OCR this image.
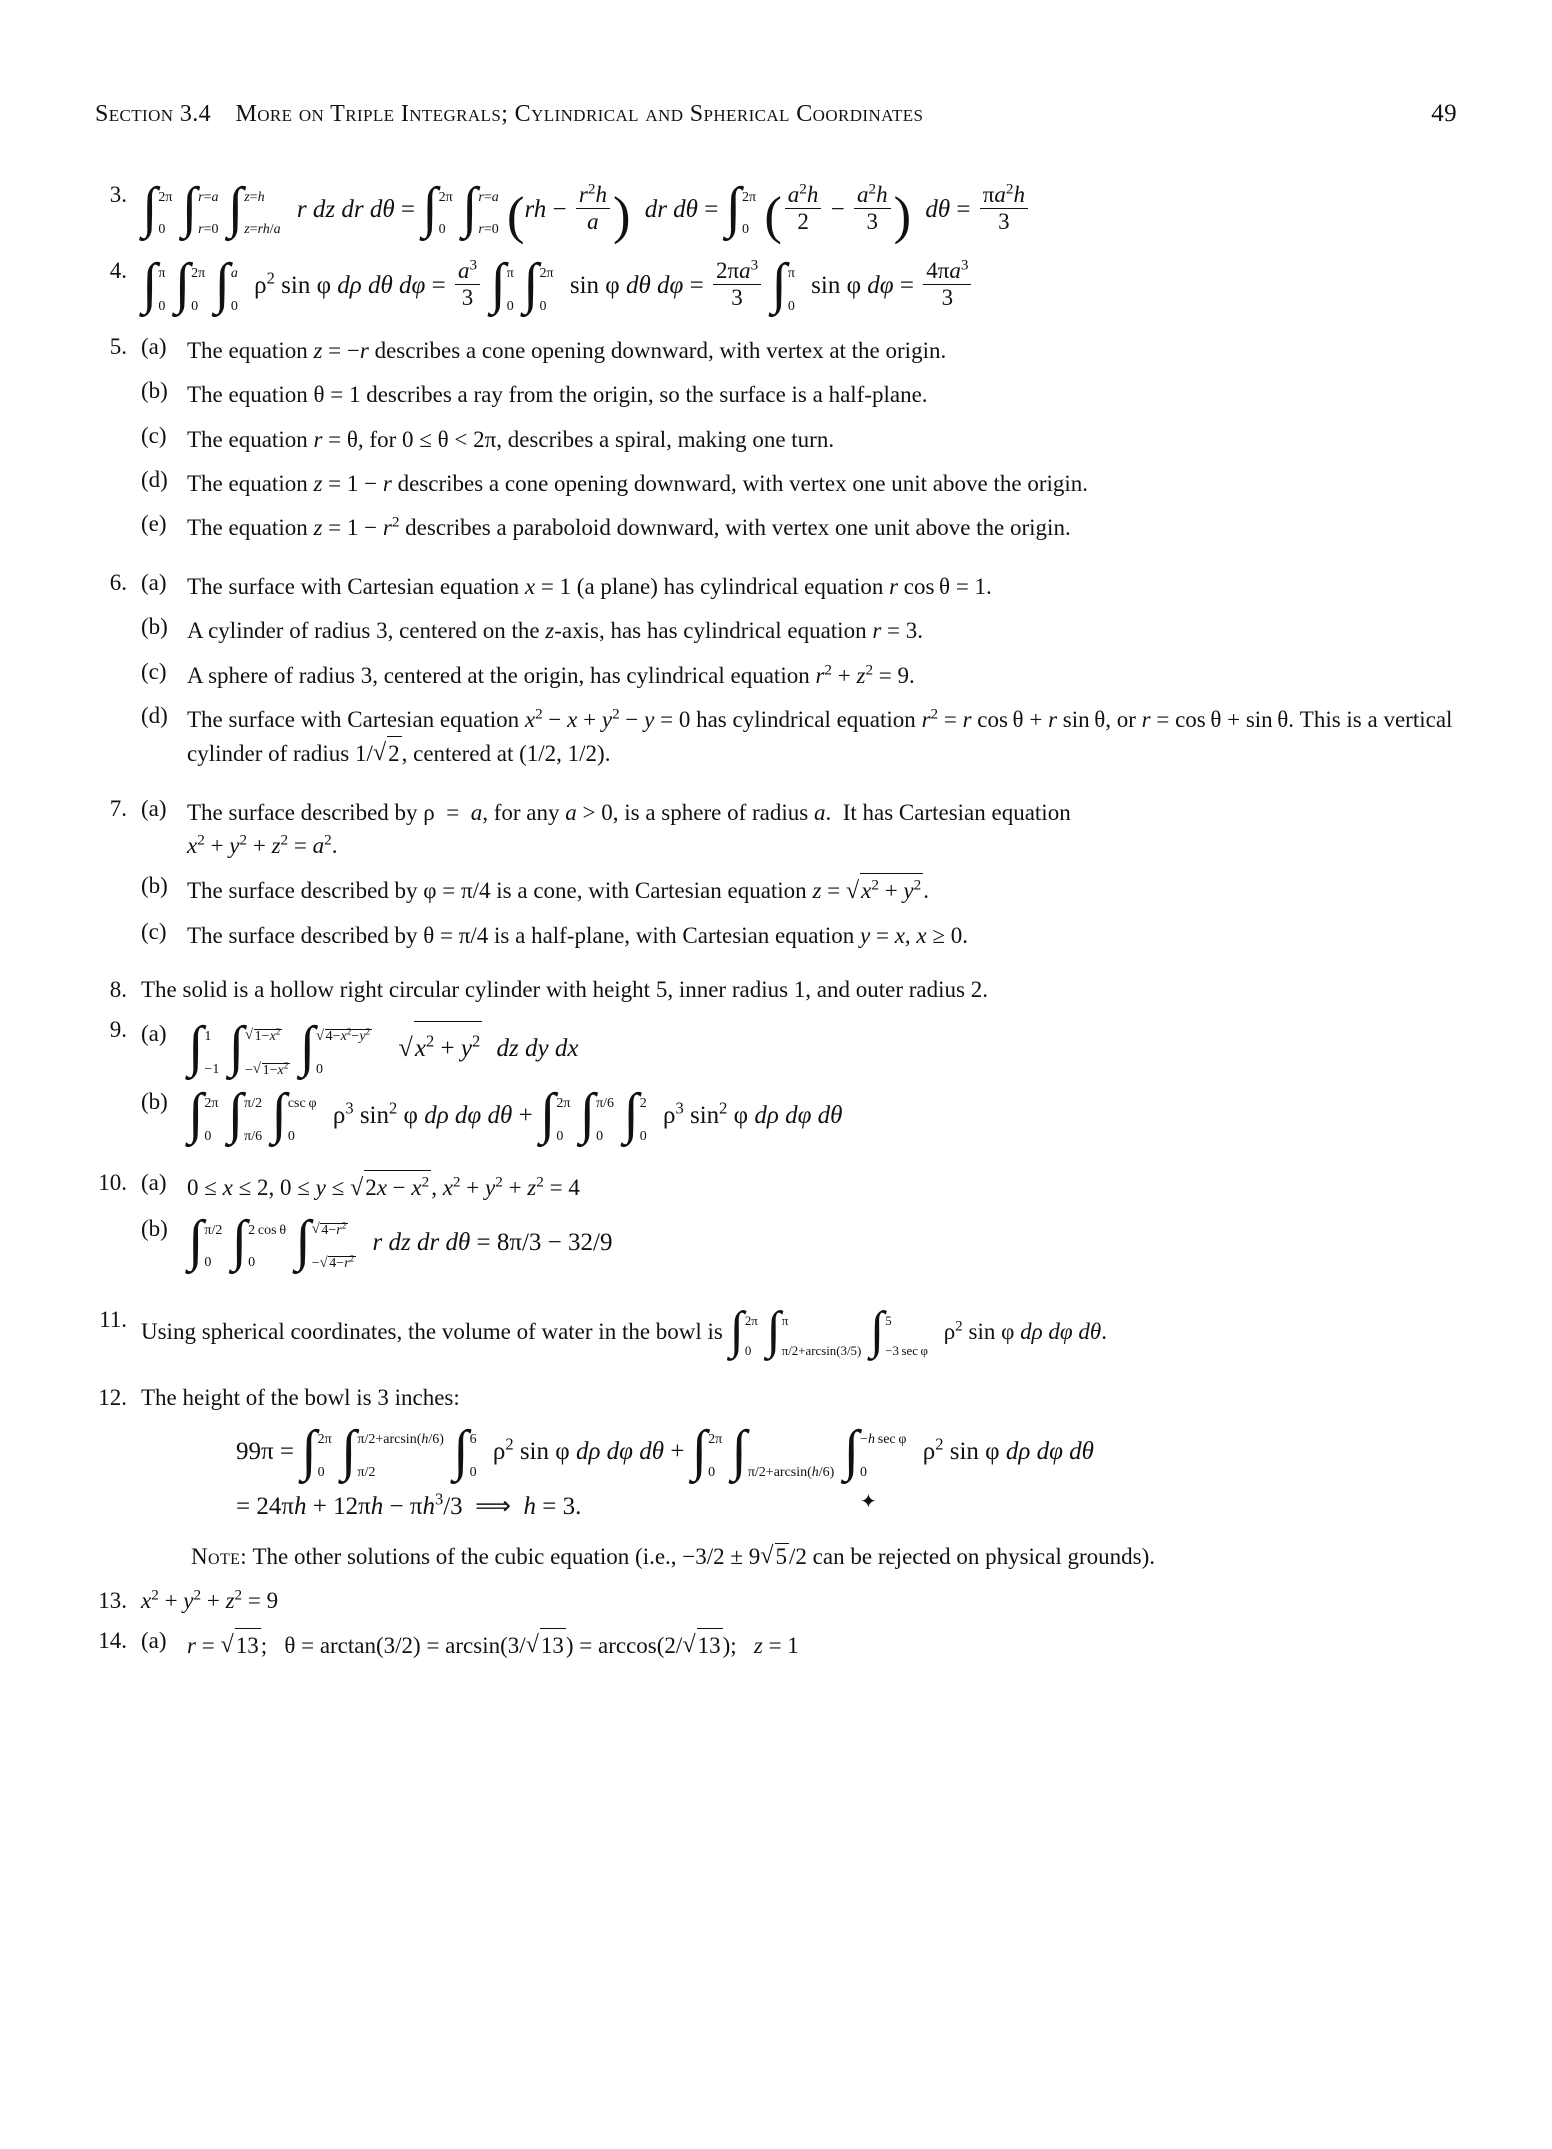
Section 3.4 More on Triple Integrals; Cylindrical and Spherical Coordinates	49
3. ∫ 2π
0 ∫ r=a
r=0 ∫ z=h
z=rh/a
r dz dr dθ = ∫ 2π
0 ∫ r=a
r=0 ($rh - \frac{r^2h}{a}$ ) dr dθ = ∫ 2π
0 ( $\frac{a^2h}{2} - \frac{a^2h}{3}$ ) $d\theta = \frac{\pi a^2h}{3}$
4. ∫ π
0 ∫ 2π
0 ∫ a
0
$\rho^2$ sin φ dρ dθ $d\varphi = \frac{a^3}{3}$ ∫ π
0 ∫ 2π
0
sin φ dθ $d\varphi = \frac{2\pi a^3}{3}$ ∫ π
0
sin φ $d\varphi = \frac{4\pi a^3}{3}$
5. (a) The equation z = −r describes a cone opening downward, with vertex at the origin.
(b) The equation θ = 1 describes a ray from the origin, so the surface is a half-plane.
(c) The equation r = θ, for 0 ≤ θ < 2π, describes a spiral, making one turn.
(d) The equation z = 1 − r describes a cone opening downward, with vertex one unit above the origin.
(e) The equation $z = 1 - r^2$ describes a paraboloid downward, with vertex one unit above the origin.
6. (a) The surface with Cartesian equation x = 1 (a plane) has cylindrical equation r cos θ = 1.
(b) A cylinder of radius 3, centered on the z-axis, has has cylindrical equation r = 3.
(c) A sphere of radius 3, centered at the origin, has cylindrical equation $r^2 + z^2 = 9$.
(d) The surface with Cartesian equation $x^2 - x + y^2 - y = 0$ has cylindrical equation $r^2 = r$ cos θ + r sin θ, or r = cos θ + sin θ. This is a vertical cylinder of radius 1/ √ 2, centered at (1/2, 1/2).
7. (a) The surface described by ρ  =  a, for any a > 0, is a sphere of radius a.  It has Cartesian equation
$x^2 + y^2 + z^2 = a^2$.
(b) The surface described by φ = π/4 is a cone, with Cartesian equation z = √ $x^2 + y^2$.
(c) The surface described by θ = π/4 is a half-plane, with Cartesian equation y = x, x ≥ 0.
8. The solid is a hollow right circular cylinder with height 5, inner radius 1, and outer radius 2.
9. (a) ∫ 1
−1 ∫ √ $1-x^2$
− √ $1-x^2$ ∫ √ $4-x^2-y^2$
0
√ $x^2 + y^2$ dz dy dx
(b) ∫ 2π
0 ∫ π/2
π/6 ∫ csc φ
0
$\rho^3$ $\sin^2 \varphi$ dρ dφ dθ + ∫ 2π
0 ∫ π/6
0 ∫ 2
0
$\rho^3$ $\sin^2 \varphi$ dρ dφ dθ
10. (a) 0 ≤ x ≤ 2, 0 ≤ y ≤ √ $2x - x^2$, $x^2 + y^2 + z^2 = 4$
(b) ∫ π/2
0 ∫ 2 cos θ
0 ∫ √ $4-r^2$
− √ $4-r^2$
r dz dr dθ = 8π/3 − 32/9
✦
11. Using spherical coordinates, the volume of water in the bowl is ∫ 2π
0 ∫ π
π/2+arcsin(3/5) ∫ 5
−3 sec φ
$\rho^2$ sin φ dρ dφ dθ.
12. The height of the bowl is 3 inches:
99π = ∫ 2π
0 ∫ π/2+arcsin(h/6)
π/2	∫ 6
0
$\rho^2$ sin φ dρ dφ dθ + ∫ 2π
0 ∫
π/2+arcsin(h/6) ∫ −h sec φ
0
$\rho^2$ sin φ dρ dφ dθ
= $24\pi h + 12\pi h - \pi h^3/3$  ⟹  h = 3.
Note: The other solutions of the cubic equation (i.e., −3/2 ± 9 √ 5/2 can be rejected on physical grounds).
13. $x^2 + y^2 + z^2 = 9$
14. (a) r = √ 13;   θ = arctan(3/2) = arcsin(3/ √ 13) = arccos(2/ √ 13);   z = 1
